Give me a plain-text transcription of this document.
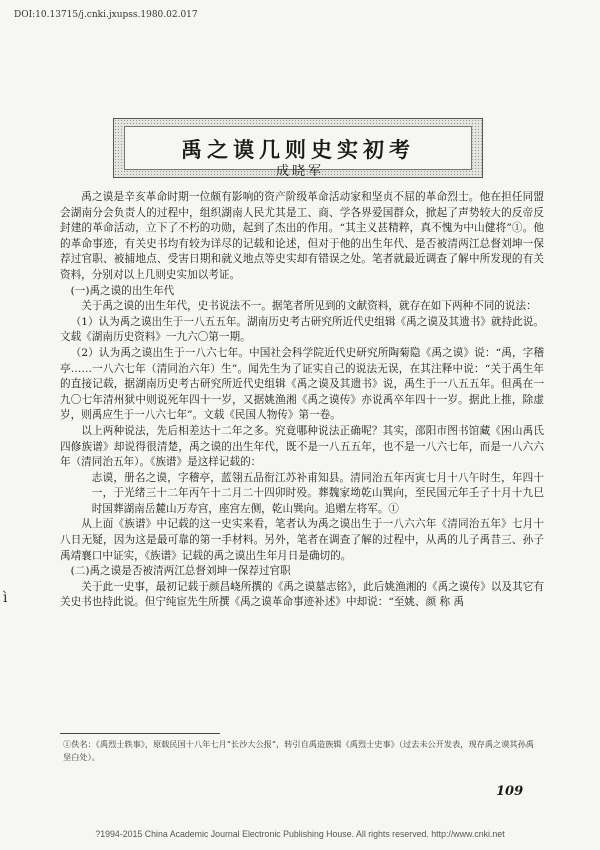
DOI:10.13715/j.cnki.jxupss.1980.02.017
禹之谟几则史实初考
成晓军

禹之谟是辛亥革命时期一位颇有影响的资产阶级革命活动家和坚贞不屈的革命烈士。他在担任同盟会湖南分会负责人的过程中，组织湖南人民尤其是工、商、学各界爱国群众，掀起了声势较大的反帝反封建的革命活动，立下了不朽的功勋，起到了杰出的作用。“其主义甚精粹，真不愧为中山健将”①。他的革命事迹，有关史书均有较为详尽的记载和论述，但对于他的出生年代、是否被清两江总督刘坤一保荐过官职、被捕地点、受害日期和就义地点等史实却有错误之处。笔者就最近调查了解中所发现的有关资料，分别对以上几则史实加以考证。

(一)禹之谟的出生年代

关于禹之谟的出生年代，史书说法不一。据笔者所见到的文献资料，就存在如下两种不同的说法：

（1）认为禹之谟出生于一八五五年。湖南历史考古研究所近代史组辑《禹之谟及其遗书》就持此说。文载《湖南历史资料》一九六〇第一期。

（2）认为禹之谟出生于一八六七年。中国社会科学院近代史研究所陶菊隐《禹之谟》说：“禹，字稽亭……一八六七年（清同治六年）生”。闻先生为了证实自己的说法无误，在其注释中说：“关于禹生年的直接记载，据湖南历史考古研究所近代史组辑《禹之谟及其遗书》说，禹生于一八五五年。但禹在一九〇七年清州狱中则说死年四十一岁，又据姚渔湘《禹之谟传》亦说禹卒年四十一岁。据此上推，除虚岁，则禹应生于一八六七年”。文载《民国人物传》第一卷。

以上两种说法，先后相差达十二年之多。究竟哪种说法正确呢？其实，邵阳市图书馆藏《困山禹氏四修族谱》却说得很清楚，禹之谟的出生年代，既不是一八五五年，也不是一八六七年，而是一八六六年（清同治五年）。《族谱》是这样记载的：

志谟，册名之谟，字稽亭，蓝翎五品衔江苏补甫知县。清同治五年丙寅七月十八午时生，年四十一，于光绪三十二年丙午十二月二十四卯时殁。葬魏家坳乾山巽向，至民国元年壬子十月十九巳时国葬湖南岳麓山万寿宫，座宫左侧，乾山巽向。追赠左将军。①

从上面《族谱》中记载的这一史实来看，笔者认为禹之谟出生于一八六六年《清同治五年》七月十八日无疑，因为这是最可靠的第一手材料。另外，笔者在调查了解的过程中，从禹的儿子禹昔三、孙子禹靖襄口中证实，《族谱》记载的禹之谟出生年月日是确切的。

(二)禹之谟是否被清两江总督刘坤一保荐过官职

关于此一史事，最初记载于颜昌峣所撰的《禹之谟墓志铭》，此后姚渔湘的《禹之谟传》以及其它有关史书也持此说。但宁纯宦先生所撰《禹之谟革命事迹补述》中却说：“至姚、颜 称 禹

①佚名：《禹烈士轶事》，原载民国十八年七月“长沙大公报”，转引自禹造族辑《禹烈士史事》（过去未公开发表，现存禹之谟其孙禹坚白处）。
109
ì
?1994-2015 China Academic Journal Electronic Publishing House. All rights reserved. http://www.cnki.net
